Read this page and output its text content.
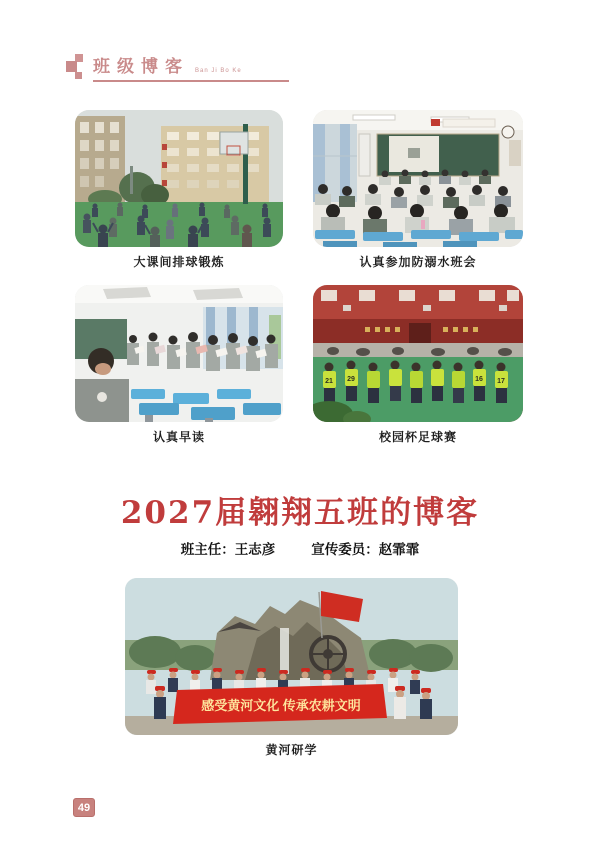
班级博客 Ban Ji Bo Ke
大课间排球锻炼	认真参加防溺水班会
认真早读
21 29	16 17
校园杯足球赛
2027届翱翔五班的博客
班主任：王志彦	宣传委员：赵霏霏
感受黄河文化 传承农耕文明
黄河研学
49
